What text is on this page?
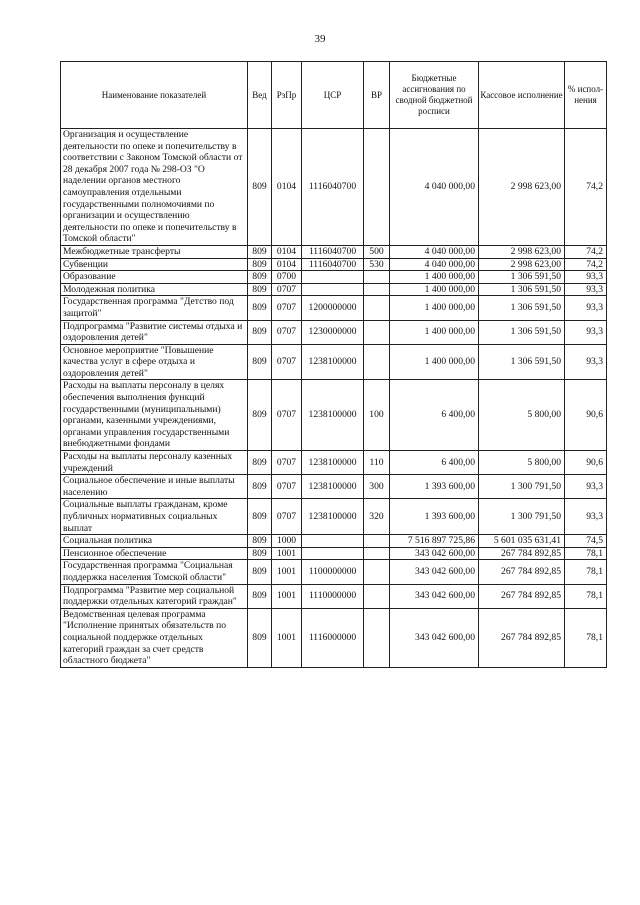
39
Наименование показателей	Вед	РзПр	ЦСР	ВР	Бюджетные ассигнования по сводной бюджетной росписи	Кассовое исполнение	% испол-нения
Организация и осуществление деятельности по опеке и попечительству в соответствии с Законом Томской области от 28 декабря 2007 года № 298-ОЗ "О наделении органов местного самоуправления отдельными государственными полномочиями по организации и осуществлению деятельности по опеке и попечительству в Томской области"	809	0104	1116040700		4 040 000,00	2 998 623,00	74,2
Межбюджетные трансферты	809	0104	1116040700	500	4 040 000,00	2 998 623,00	74,2
Субвенции	809	0104	1116040700	530	4 040 000,00	2 998 623,00	74,2
Образование	809	0700			1 400 000,00	1 306 591,50	93,3
Молодежная политика	809	0707			1 400 000,00	1 306 591,50	93,3
Государственная программа "Детство под защитой"	809	0707	1200000000		1 400 000,00	1 306 591,50	93,3
Подпрограмма "Развитие системы отдыха и оздоровления детей"	809	0707	1230000000		1 400 000,00	1 306 591,50	93,3
Основное мероприятие "Повышение качества услуг в сфере отдыха и оздоровления детей"	809	0707	1238100000		1 400 000,00	1 306 591,50	93,3
Расходы на выплаты персоналу в целях обеспечения выполнения функций государственными (муниципальными) органами, казенными учреждениями, органами управления государственными внебюджетными фондами	809	0707	1238100000	100	6 400,00	5 800,00	90,6
Расходы на выплаты персоналу казенных учреждений	809	0707	1238100000	110	6 400,00	5 800,00	90,6
Социальное обеспечение и иные выплаты населению	809	0707	1238100000	300	1 393 600,00	1 300 791,50	93,3
Социальные выплаты гражданам, кроме публичных нормативных социальных выплат	809	0707	1238100000	320	1 393 600,00	1 300 791,50	93,3
Социальная политика	809	1000			7 516 897 725,86	5 601 035 631,41	74,5
Пенсионное обеспечение	809	1001			343 042 600,00	267 784 892,85	78,1
Государственная программа "Социальная поддержка населения Томской области"	809	1001	1100000000		343 042 600,00	267 784 892,85	78,1
Подпрограмма "Развитие мер социальной поддержки отдельных категорий граждан"	809	1001	1110000000		343 042 600,00	267 784 892,85	78,1
Ведомственная целевая программа "Исполнение принятых обязательств по социальной поддержке отдельных категорий граждан за счет средств областного бюджета"	809	1001	1116000000		343 042 600,00	267 784 892,85	78,1
